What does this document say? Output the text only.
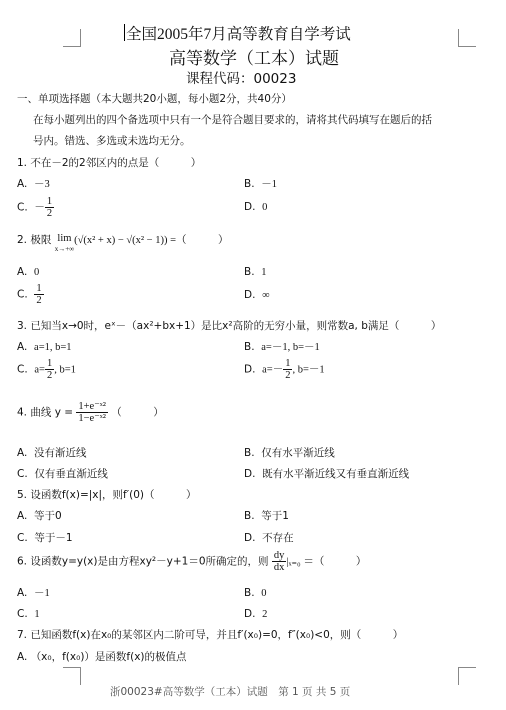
全国2005年7月高等教育自学考试
高等数学（工本）试题
课程代码：00023
一、单项选择题（本大题共20小题，每小题2分，共40分）
在每小题列出的四个备选项中只有一个是符合题目要求的，请将其代码填写在题后的括
号内。错选、多选或未选均无分。
1. 不在－2的2邻区内的点是（　　　）
A. －3	B. －1
C. － $\frac{1}{2}$	D. 0
2. 极限 lim
x→+∞
(√(x² + x) − √(x² − 1)) =（　　　）
A. 0	B. 1
C. $\frac{1}{2}$	D. ∞
3. 已知当x→0时，eˣ－（ax²+bx+1）是比x²高阶的无穷小量，则常数a, b满足（　　　）
A. a=1, b=1	B. a=－1, b=－1
C. $a= \frac{1}{2}$ , b=1	D. $a=- \frac{1}{2}$ , b=－1
4. 曲线 $y = \frac{\text{1+e⁻ˣ²}}{\text{1−e⁻ˣ²}}$ （　　　）
A. 没有渐近线	B. 仅有水平渐近线
C. 仅有垂直渐近线	D. 既有水平渐近线又有垂直渐近线
5. 设函数f(x)=|x|，则f′(0)（　　　）
A. 等于0	B. 等于1
C. 等于－1	D. 不存在
6. 设函数y=y(x)是由方程xy²－y+1＝0所确定的，则 $\frac{dy}{dx} |_{x=0}$ ＝（　　　）
A. －1	B. 0
C. 1	D. 2
7. 已知函数f(x)在x₀的某邻区内二阶可导，并且f′(x₀)=0，f″(x₀)<0，则（　　　）
A. （x₀，f(x₀)）是函数f(x)的极值点
浙00023#高等数学（工本）试题　第 1 页 共 5 页
